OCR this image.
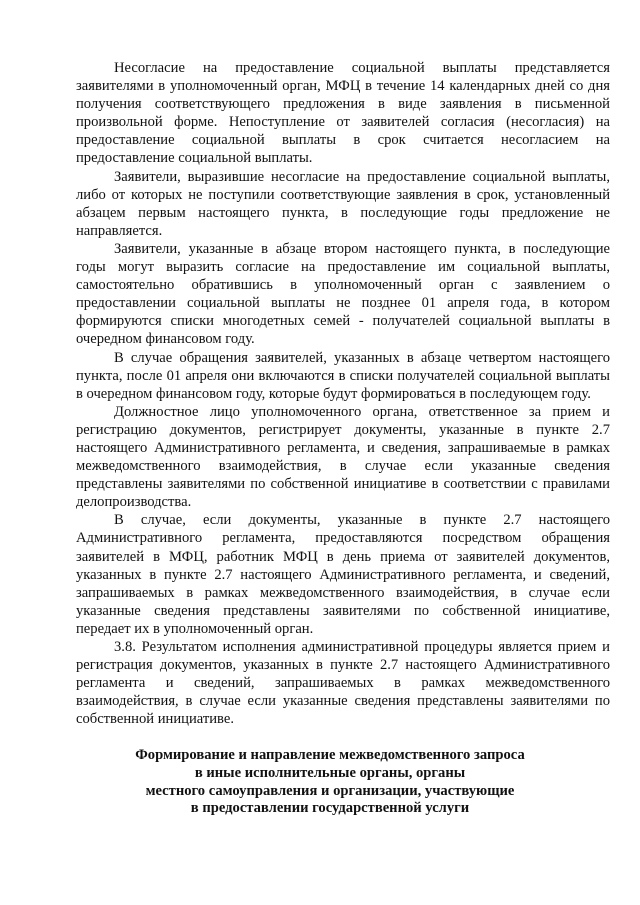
Несогласие на предоставление социальной выплаты представляется заявителями в уполномоченный орган, МФЦ в течение 14 календарных дней со дня получения соответствующего предложения в виде заявления в письменной произвольной форме. Непоступление от заявителей согласия (несогласия) на предоставление социальной выплаты в срок считается несогласием на предоставление социальной выплаты.

Заявители, выразившие несогласие на предоставление социальной выплаты, либо от которых не поступили соответствующие заявления в срок, установленный абзацем первым настоящего пункта, в последующие годы предложение не направляется.

Заявители, указанные в абзаце втором настоящего пункта, в последующие годы могут выразить согласие на предоставление им социальной выплаты, самостоятельно обратившись в уполномоченный орган с заявлением о предоставлении социальной выплаты не позднее 01 апреля года, в котором формируются списки многодетных семей - получателей социальной выплаты в очередном финансовом году.

В случае обращения заявителей, указанных в абзаце четвертом настоящего пункта, после 01 апреля они включаются в списки получателей социальной выплаты в очередном финансовом году, которые будут формироваться в последующем году.

Должностное лицо уполномоченного органа, ответственное за прием и регистрацию документов, регистрирует документы, указанные в пункте 2.7 настоящего Административного регламента, и сведения, запрашиваемые в рамках межведомственного взаимодействия, в случае если указанные сведения представлены заявителями по собственной инициативе в соответствии с правилами делопроизводства.

В случае, если документы, указанные в пункте 2.7 настоящего Административного регламента, предоставляются посредством обращения заявителей в МФЦ, работник МФЦ в день приема от заявителей документов, указанных в пункте 2.7 настоящего Административного регламента, и сведений, запрашиваемых в рамках межведомственного взаимодействия, в случае если указанные сведения представлены заявителями по собственной инициативе, передает их в уполномоченный орган.

3.8. Результатом исполнения административной процедуры является прием и регистрация документов, указанных в пункте 2.7 настоящего Административного регламента и сведений, запрашиваемых в рамках межведомственного взаимодействия, в случае если указанные сведения представлены заявителями по собственной инициативе.

Формирование и направление межведомственного запроса
в иные исполнительные органы, органы
местного самоуправления и организации, участвующие
в предоставлении государственной услуги
